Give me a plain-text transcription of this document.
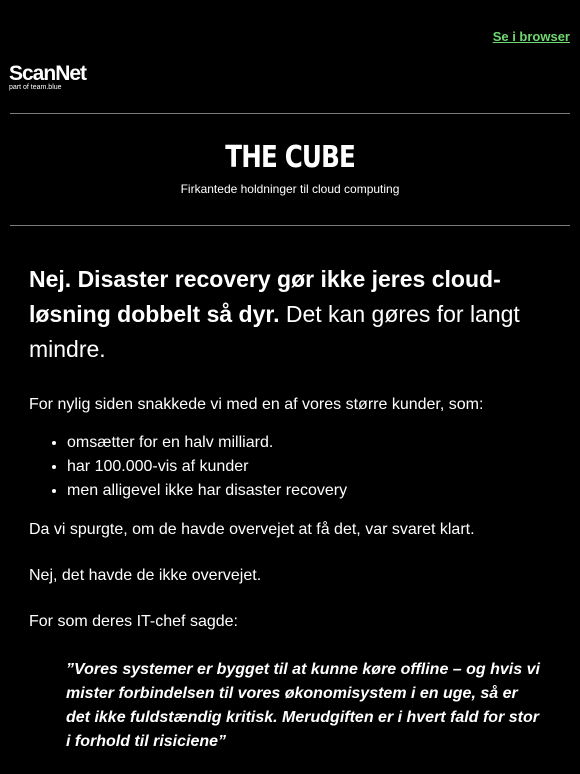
Se i browser
ScanNet
part of team.blue
THE CUBE
Firkantede holdninger til cloud computing

Nej. Disaster recovery gør ikke jeres cloud-løsning dobbelt så dyr. Det kan gøres for langt mindre.

For nylig siden snakkede vi med en af vores større kunder, som:

• omsætter for en halv milliard.
• har 100.000-vis af kunder
• men alligevel ikke har disaster recovery

Da vi spurgte, om de havde overvejet at få det, var svaret klart.

Nej, det havde de ikke overvejet.

For som deres IT-chef sagde:

”Vores systemer er bygget til at kunne køre offline – og hvis vi mister forbindelsen til vores økonomisystem i en uge, så er det ikke fuldstændig kritisk. Merudgiften er i hvert fald for stor i forhold til risiciene”
